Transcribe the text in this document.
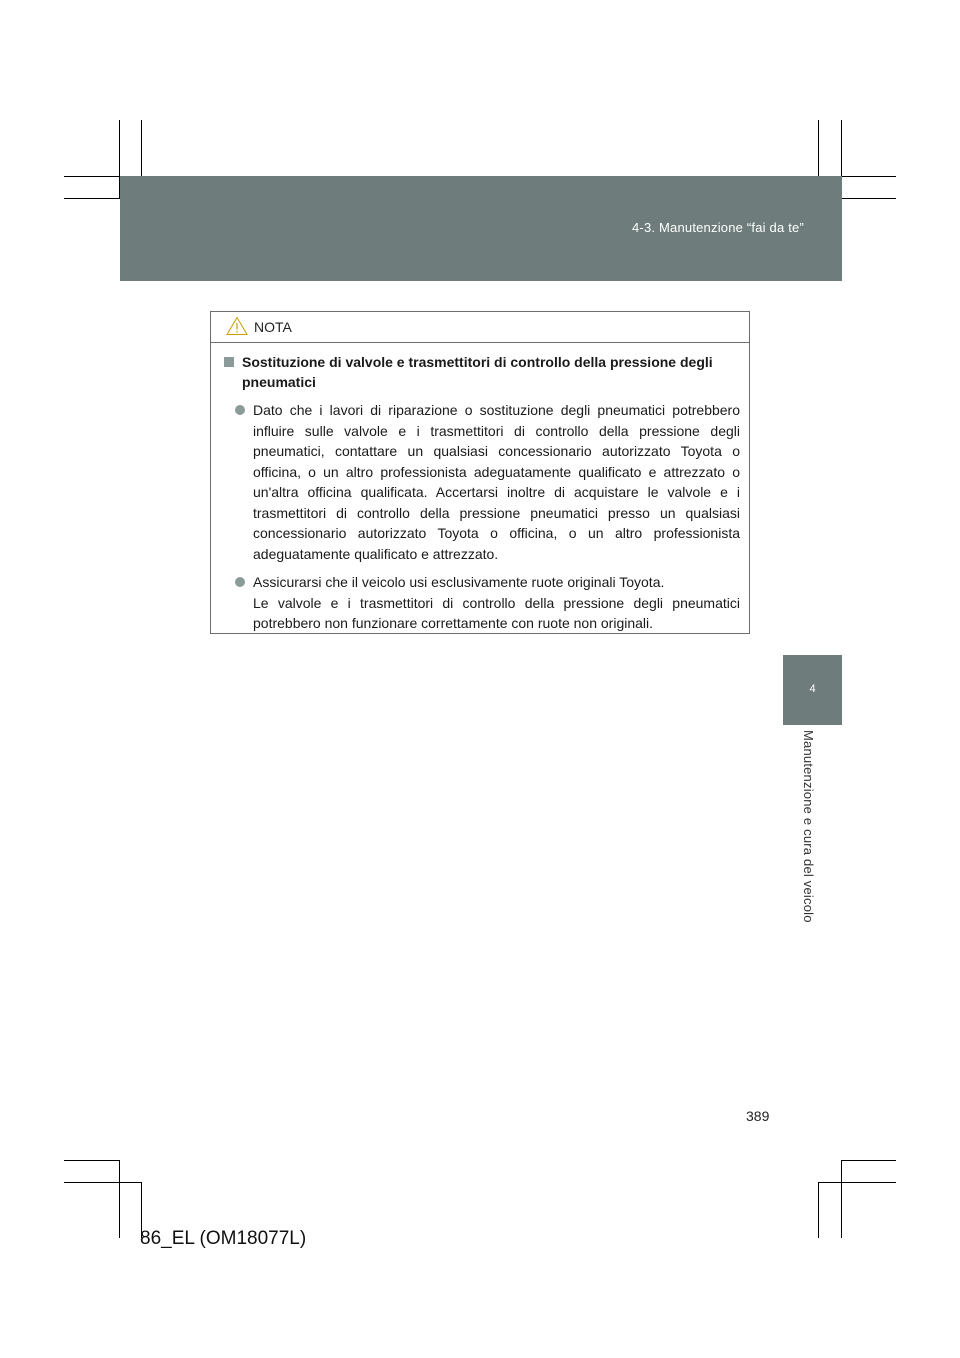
4-3. Manutenzione “fai da te”
4
Manutenzione e cura del veicolo
NOTA
Sostituzione di valvole e trasmettitori di controllo della pressione degli pneumatici

Dato che i lavori di riparazione o sostituzione degli pneumatici potrebbero influire sulle valvole e i trasmettitori di controllo della pressione degli pneumatici, contattare un qualsiasi concessionario autorizzato Toyota o officina, o un altro professionista adeguatamente qualificato e attrezzato o un'altra officina qualificata. Accertarsi inoltre di acquistare le valvole e i trasmettitori di controllo della pressione pneumatici presso un qualsiasi concessionario autorizzato Toyota o officina, o un altro professionista adeguatamente qualificato e attrezzato.

Assicurarsi che il veicolo usi esclusivamente ruote originali Toyota.

Le valvole e i trasmettitori di controllo della pressione degli pneumatici potrebbero non funzionare correttamente con ruote non originali.

389
86_EL (OM18077L)
